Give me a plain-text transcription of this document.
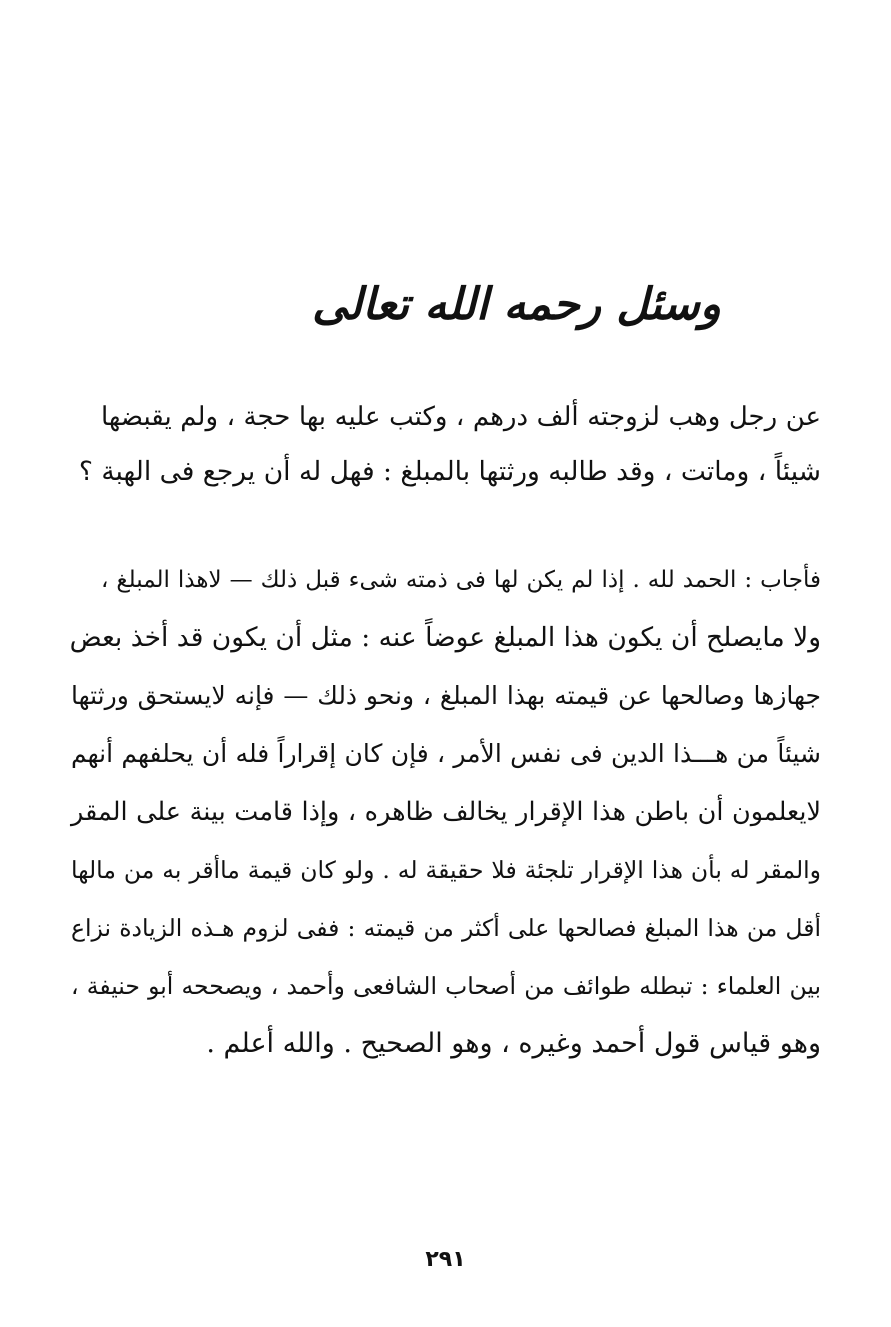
وسئل رحمه الله تعالى
عن رجل وهب لزوجته ألف درهم ، وكتب عليه بها حجة ، ولم يقبضها
شيئاً ، وماتت ، وقد طالبه ورثتها بالمبلغ : فهل له أن يرجع فى الهبة ؟
فأجاب : الحمد لله . إذا لم يكن لها فى ذمته شىء قبل ذلك — لاهذا المبلغ ،
ولا مايصلح أن يكون هذا المبلغ عوضاً عنه : مثل أن يكون قد أخذ بعض
جهازها وصالحها عن قيمته بهذا المبلغ ، ونحو ذلك — فإنه لايستحق ورثتها
شيئاً من هـــذا الدين فى نفس الأمر ، فإن كان إقراراً فله أن يحلفهم أنهم
لايعلمون أن باطن هذا الإقرار يخالف ظاهره ، وإذا قامت بينة على المقر
والمقر له بأن هذا الإقرار تلجئة فلا حقيقة له . ولو كان قيمة ماأقر به من مالها
أقل من هذا المبلغ فصالحها على أكثر من قيمته : ففى لزوم هـذه الزيادة نزاع
بين العلماء : تبطله طوائف من أصحاب الشافعى وأحمد ، ويصححه أبو حنيفة ،
وهو قياس قول أحمد وغيره ، وهو الصحيح . والله أعلم .
٢٩١
